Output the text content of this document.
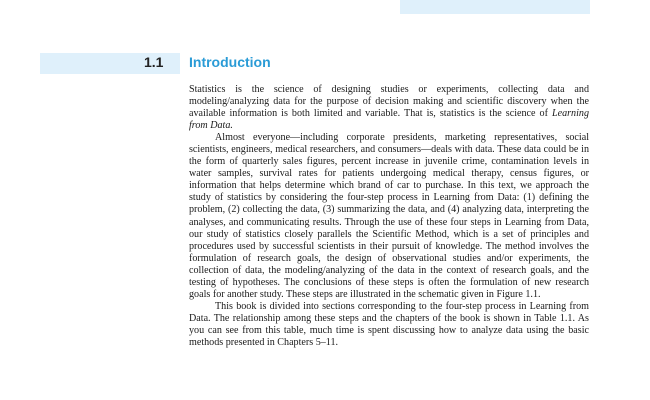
1.1 Introduction

Statistics is the science of designing studies or experiments, collecting data and modeling/analyzing data for the purpose of decision making and scientific discovery when the available information is both limited and variable. That is, statistics is the science of Learning from Data.

Almost everyone—including corporate presidents, marketing representatives, social scientists, engineers, medical researchers, and consumers—deals with data. These data could be in the form of quarterly sales figures, percent increase in juvenile crime, contamination levels in water samples, survival rates for patients undergoing medical therapy, census figures, or information that helps determine which brand of car to purchase. In this text, we approach the study of statistics by considering the four-step process in Learning from Data: (1) defining the problem, (2) collecting the data, (3) summarizing the data, and (4) analyzing data, interpreting the analyses, and communicating results. Through the use of these four steps in Learning from Data, our study of statistics closely parallels the Scientific Method, which is a set of principles and procedures used by successful scientists in their pursuit of knowledge. The method involves the formulation of research goals, the design of observational studies and/or experiments, the collection of data, the modeling/analyzing of the data in the context of research goals, and the testing of hypotheses. The conclusions of these steps is often the formulation of new research goals for another study. These steps are illustrated in the schematic given in Figure 1.1.

This book is divided into sections corresponding to the four-step process in Learning from Data. The relationship among these steps and the chapters of the book is shown in Table 1.1. As you can see from this table, much time is spent discussing how to analyze data using the basic methods presented in Chapters 5–11.
